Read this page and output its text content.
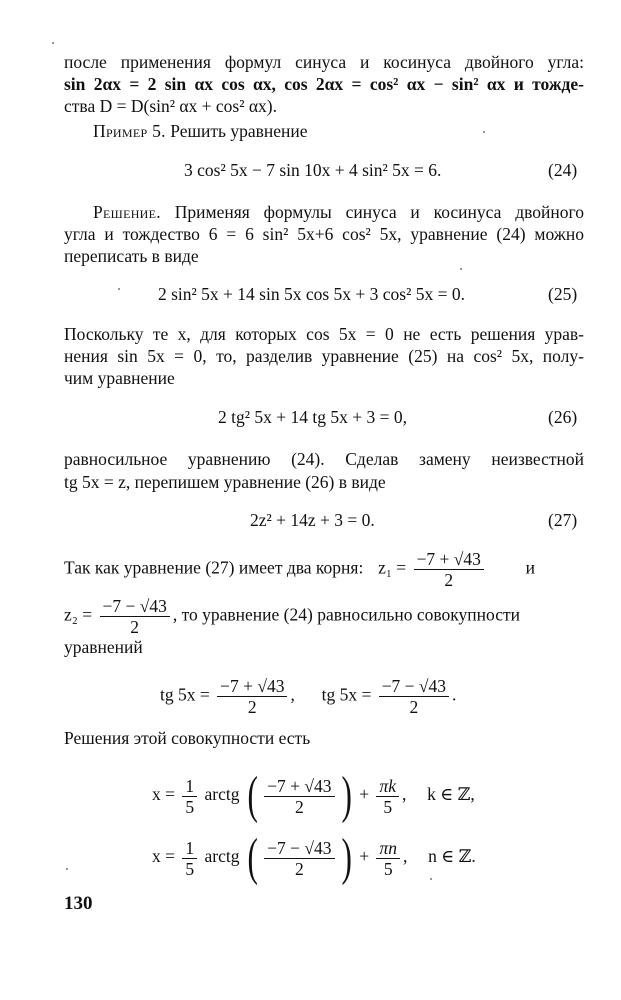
после применения формул синуса и косинуса двойного угла:
sin 2αx = 2 sin αx cos αx, cos 2αx = cos² αx − sin² αx и тожде-
ства D = D(sin² αx + cos² αx).
Пример 5. Решить уравнение
3 cos² 5x − 7 sin 10x + 4 sin² 5x = 6.	(24)
Решение. Применяя формулы синуса и косинуса двойного
угла и тождество 6 = 6 sin² 5x+6 cos² 5x, уравнение (24) можно
переписать в виде
2 sin² 5x + 14 sin 5x cos 5x + 3 cos² 5x = 0.	(25)
Поскольку те x, для которых cos 5x = 0 не есть решения урав-
нения sin 5x = 0, то, разделив уравнение (25) на cos² 5x, полу-
чим уравнение
2 tg² 5x + 14 tg 5x + 3 = 0,	(26)
равносильное уравнению (24). Сделав замену неизвестной
tg 5x = z, перепишем уравнение (26) в виде
2z² + 14z + 3 = 0.	(27)
Так как уравнение (27) имеет два корня: $z_1 = \frac{-7 + √43}{2}$ и
$z_2 = \frac{-7 - √43}{2}$ , то уравнение (24) равносильно совокупности
уравнений
tg $5x = \frac{-7 + √43}{2}$ , tg $5x = \frac{-7 - √43}{2}$ .
Решения этой совокупности есть
$x = \frac{1}{5}$ arctg ( $\frac{-7 + √43}{2}$ ) + $\frac{\pi k}{5}$ ,  k ∈ ℤ,
$x = \frac{1}{5}$ arctg ( $\frac{-7 - √43}{2}$ ) + $\frac{\pi n}{5}$ ,  n ∈ ℤ.
130
